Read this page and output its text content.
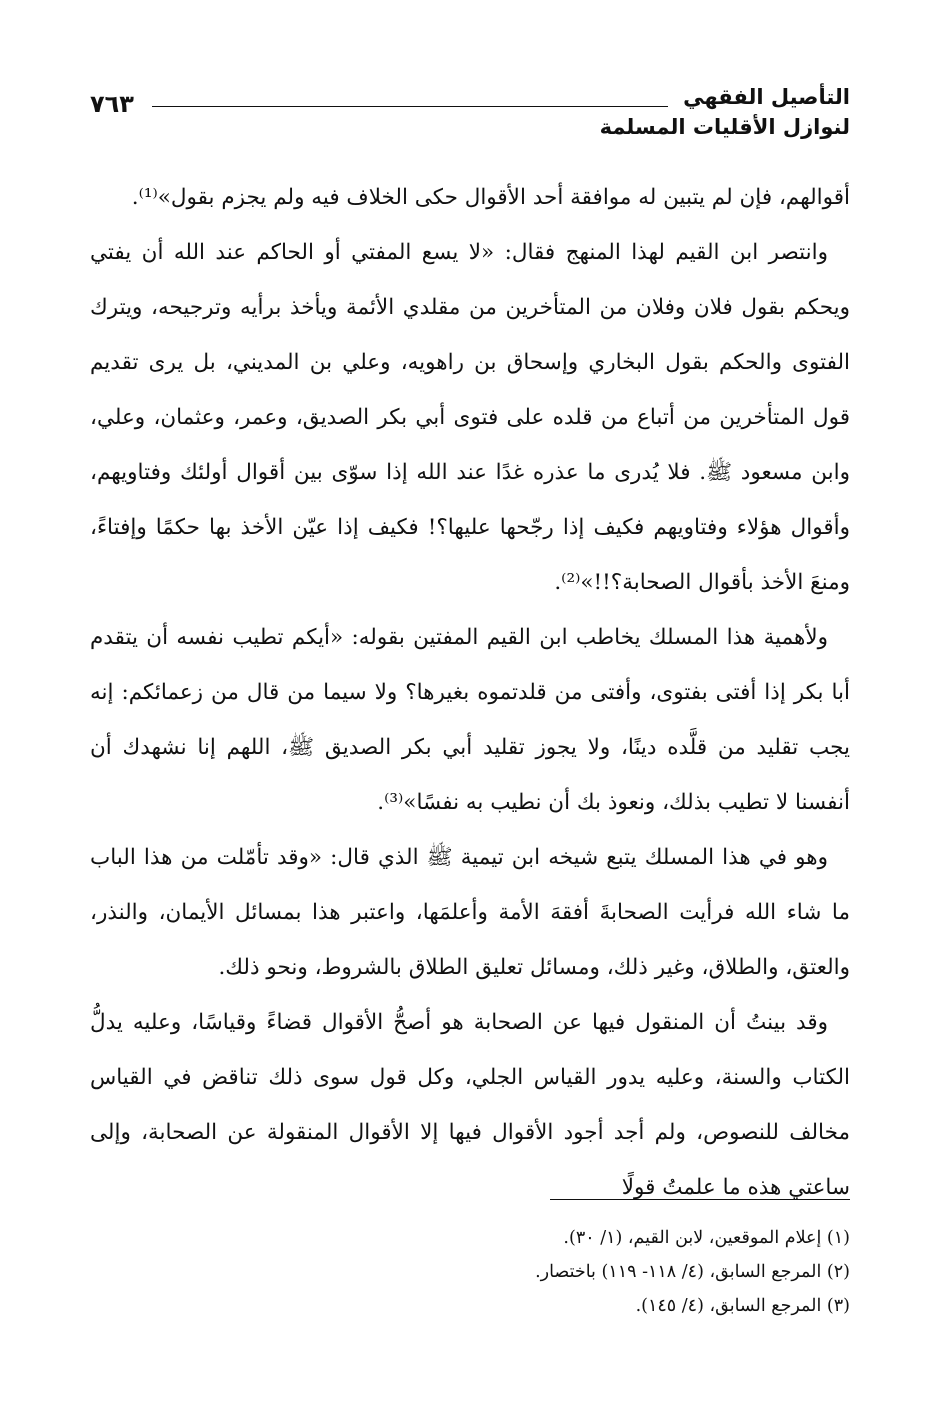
التأصيل الفقهي
لنوازل الأقليات المسلمة
٧٦٣

أقوالهم، فإن لم يتبين له موافقة أحد الأقوال حكى الخلاف فيه ولم يجزم بقول»⁽¹⁾.

وانتصر ابن القيم لهذا المنهج فقال: «لا يسع المفتي أو الحاكم عند الله أن يفتي ويحكم بقول فلان وفلان من المتأخرين من مقلدي الأئمة ويأخذ برأيه وترجيحه، ويترك الفتوى والحكم بقول البخاري وإسحاق بن راهويه، وعلي بن المديني، بل يرى تقديم قول المتأخرين من أتباع من قلده على فتوى أبي بكر الصديق، وعمر، وعثمان، وعلي، وابن مسعود ﷺ. فلا يُدرى ما عذره غدًا عند الله إذا سوّى بين أقوال أولئك وفتاويهم، وأقوال هؤلاء وفتاويهم فكيف إذا رجّحها عليها؟! فكيف إذا عيّن الأخذ بها حكمًا وإفتاءً، ومنعَ الأخذ بأقوال الصحابة؟!!»⁽²⁾.

ولأهمية هذا المسلك يخاطب ابن القيم المفتين بقوله: «أيكم تطيب نفسه أن يتقدم أبا بكر إذا أفتى بفتوى، وأفتى من قلدتموه بغيرها؟ ولا سيما من قال من زعمائكم: إنه يجب تقليد من قلَّده دينًا، ولا يجوز تقليد أبي بكر الصديق ﷺ، اللهم إنا نشهدك أن أنفسنا لا تطيب بذلك، ونعوذ بك أن نطيب به نفسًا»⁽³⁾.

وهو في هذا المسلك يتبع شيخه ابن تيمية ﷺ الذي قال: «وقد تأمّلت من هذا الباب ما شاء الله فرأيت الصحابةَ أفقهَ الأمة وأعلمَها، واعتبر هذا بمسائل الأيمان، والنذر، والعتق، والطلاق، وغير ذلك، ومسائل تعليق الطلاق بالشروط، ونحو ذلك.

وقد بينتُ أن المنقول فيها عن الصحابة هو أصحُّ الأقوال قضاءً وقياسًا، وعليه يدلُّ الكتاب والسنة، وعليه يدور القياس الجلي، وكل قول سوى ذلك تناقض في القياس مخالف للنصوص، ولم أجد أجود الأقوال فيها إلا الأقوال المنقولة عن الصحابة، وإلى ساعتي هذه ما علمتُ قولًا

(١) إعلام الموقعين، لابن القيم، (١/ ٣٠).

(٢) المرجع السابق، (٤/ ١١٨- ١١٩) باختصار.

(٣) المرجع السابق، (٤/ ١٤٥).
